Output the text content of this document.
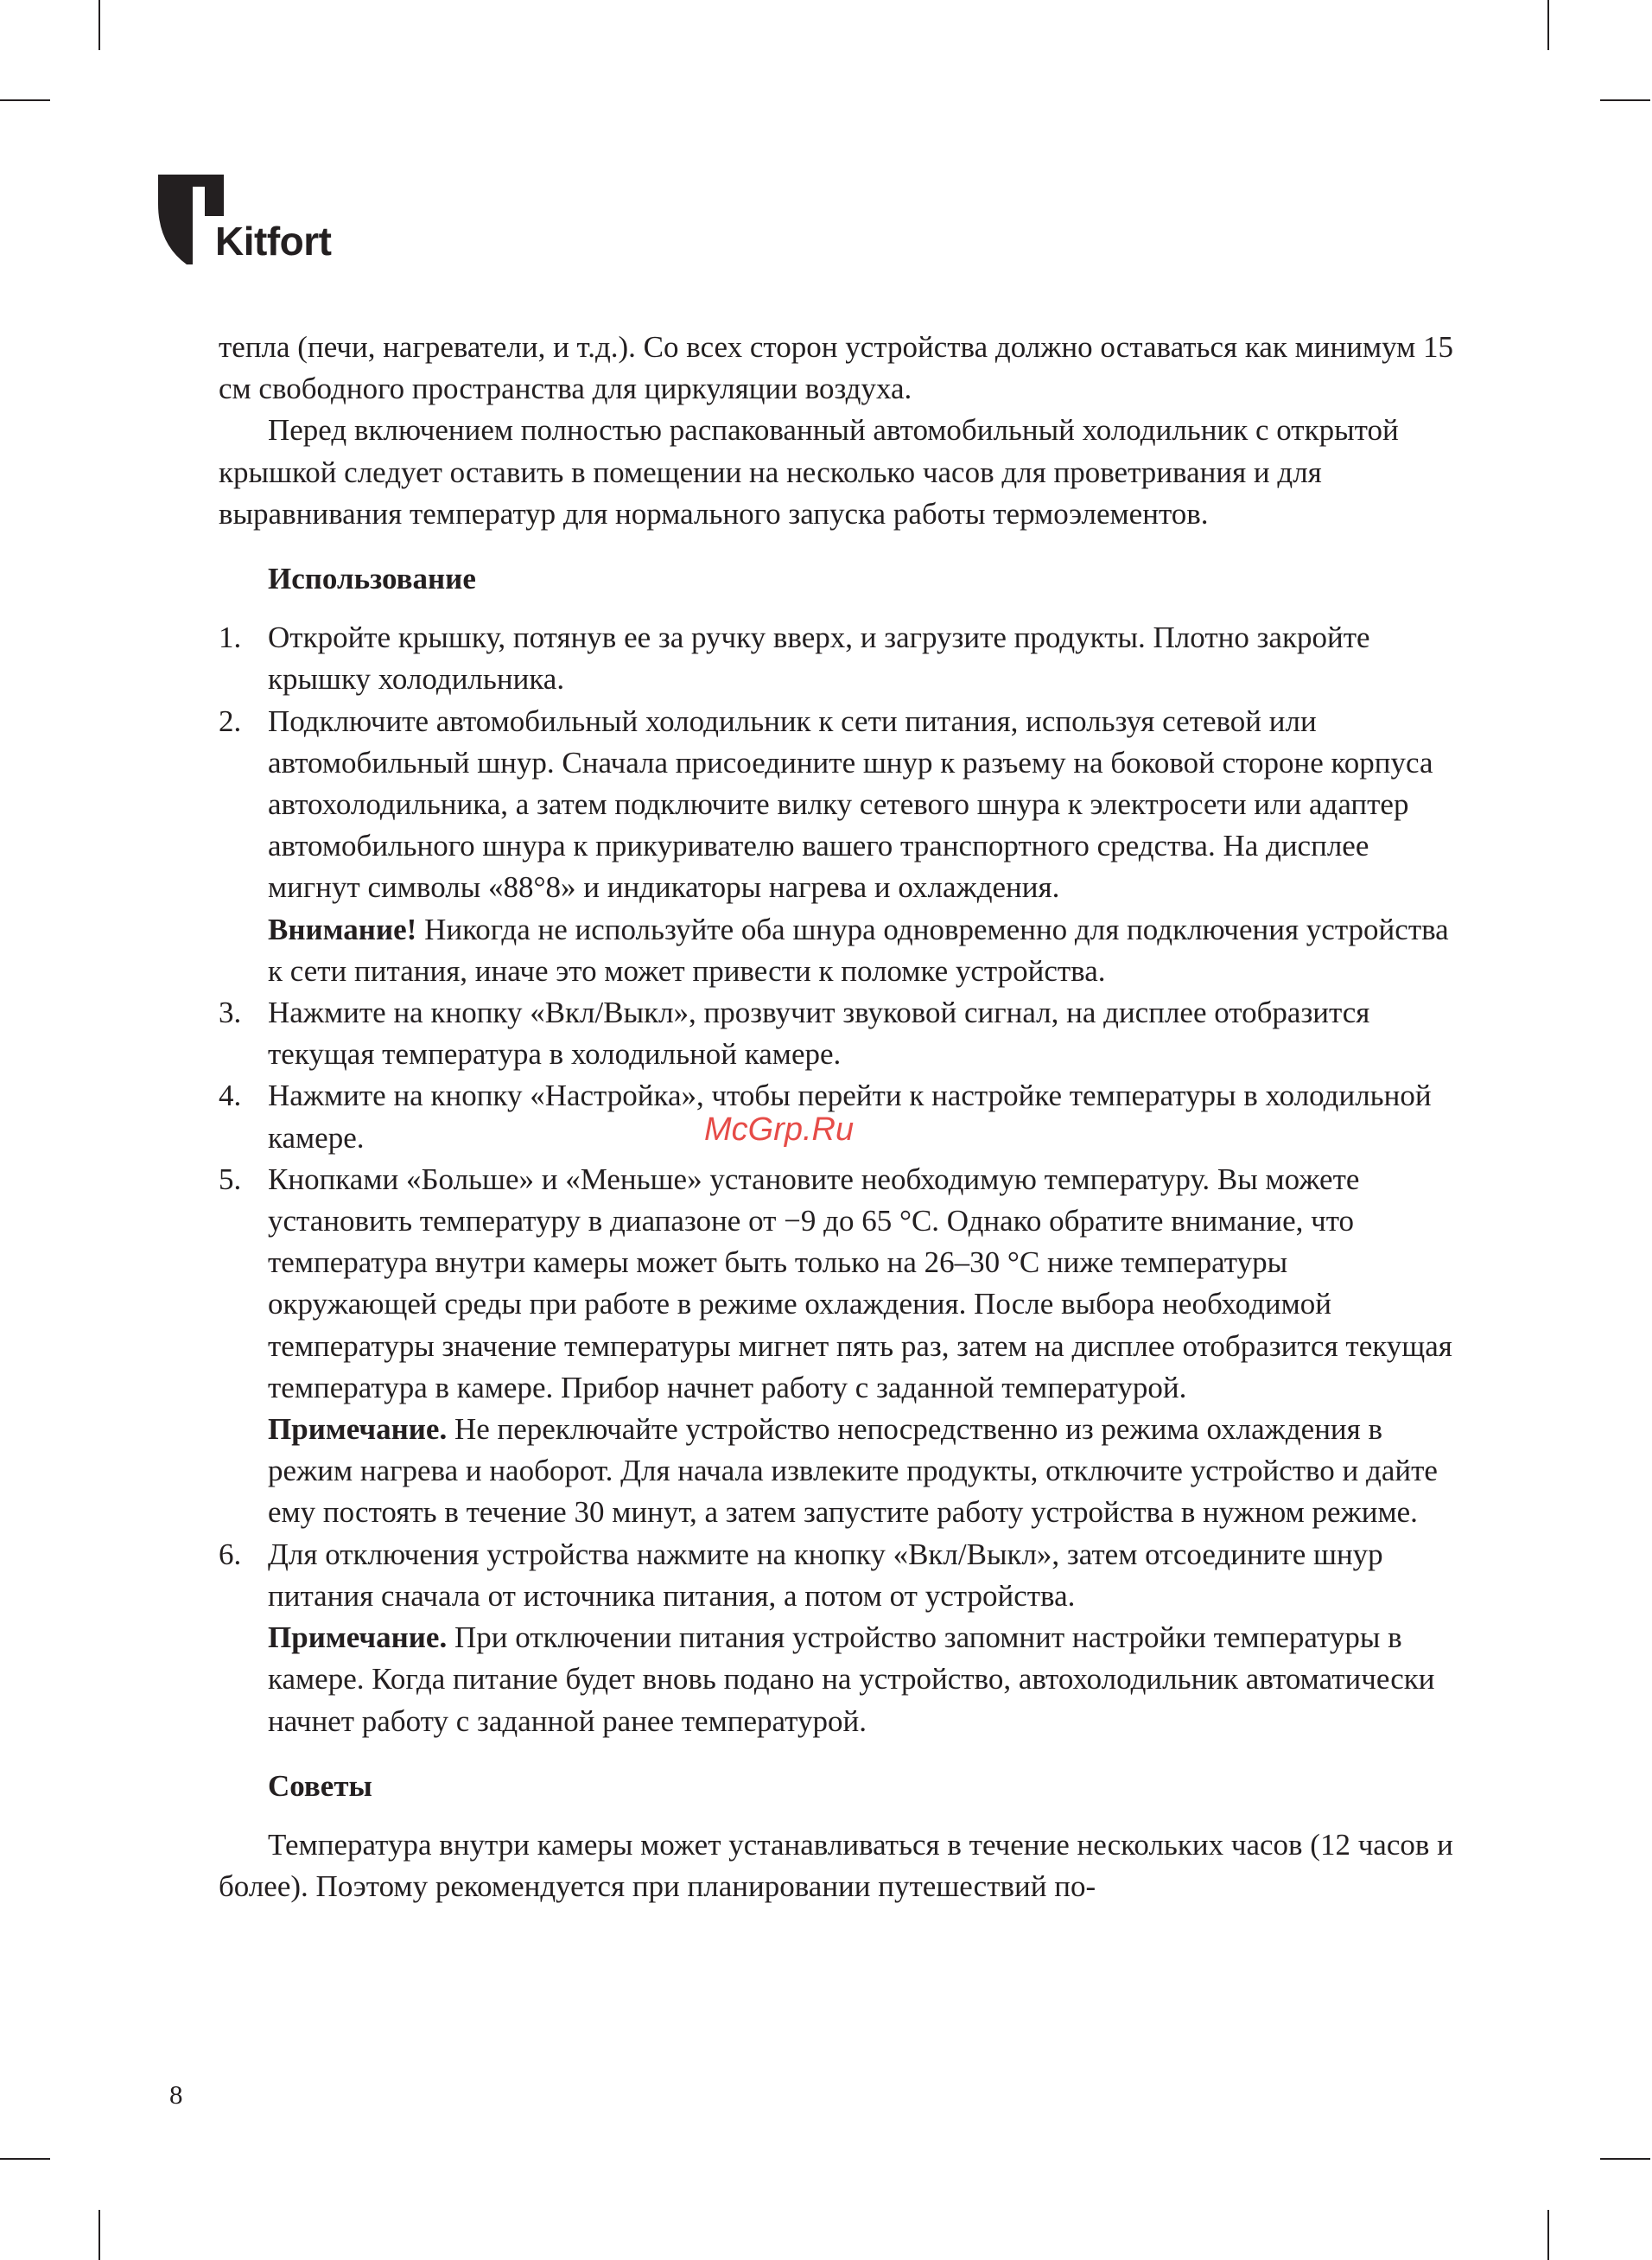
Kitfort

тепла (печи, нагреватели, и т.д.). Со всех сторон устройства должно оставаться как минимум 15 см свободного пространства для циркуляции воздуха.

Перед включением полностью распакованный автомобильный холодильник с открытой крышкой следует оставить в помещении на несколько часов для проветривания и для выравнивания температур для нормального запуска работы термоэлементов.

Использование

1. Откройте крышку, потянув ее за ручку вверх, и загрузите продукты. Плотно закройте крышку холодильника.

2. Подключите автомобильный холодильник к сети питания, используя сетевой или автомобильный шнур. Сначала присоедините шнур к разъему на боковой стороне корпуса автохолодильника, а затем подключите вилку сетевого шнура к электросети или адаптер автомобильного шнура к прикуривателю вашего транспортного средства. На дисплее мигнут символы «88°8» и индикаторы нагрева и охлаждения.

Внимание! Никогда не используйте оба шнура одновременно для подключения устройства к сети питания, иначе это может привести к поломке устройства.

3. Нажмите на кнопку «Вкл/Выкл», прозвучит звуковой сигнал, на дисплее отобразится текущая температура в холодильной камере.

4. Нажмите на кнопку «Настройка», чтобы перейти к настройке температуры в холодильной камере.

5. Кнопками «Больше» и «Меньше» установите необходимую температуру. Вы можете установить температуру в диапазоне от −9 до 65 °C. Однако обратите внимание, что температура внутри камеры может быть только на 26–30 °C ниже температуры окружающей среды при работе в режиме охлаждения. После выбора необходимой температуры значение температуры мигнет пять раз, затем на дисплее отобразится текущая температура в камере. Прибор начнет работу с заданной температурой.

Примечание. Не переключайте устройство непосредственно из режима охлаждения в режим нагрева и наоборот. Для начала извлеките продукты, отключите устройство и дайте ему постоять в течение 30 минут, а затем запустите работу устройства в нужном режиме.

6. Для отключения устройства нажмите на кнопку «Вкл/Выкл», затем отсоедините шнур питания сначала от источника питания, а потом от устройства.

Примечание. При отключении питания устройство запомнит настройки температуры в камере. Когда питание будет вновь подано на устройство, автохолодильник автоматически начнет работу с заданной ранее температурой.

Советы

Температура внутри камеры может устанавливаться в течение нескольких часов (12 часов и более). Поэтому рекомендуется при планировании путешествий по-

McGrp.Ru
8
